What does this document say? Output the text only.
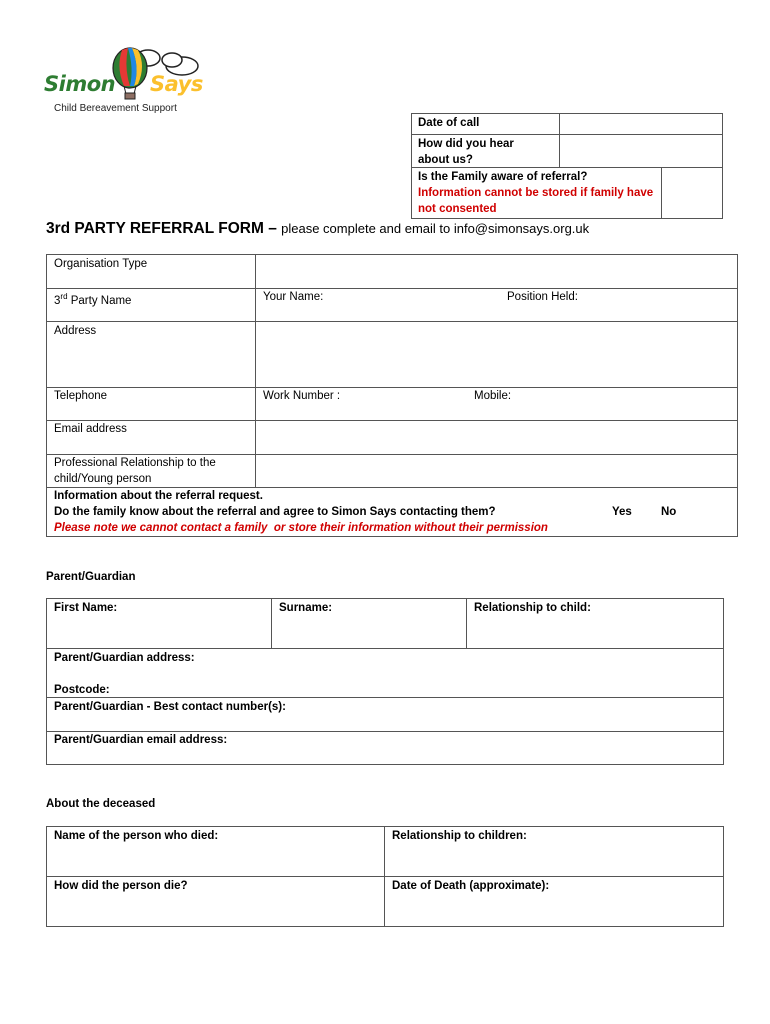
Simon Says
Child Bereavement Support
Date of call
How did you hear about us?
Is the Family aware of referral?
Information cannot be stored if family have not consented
3rd PARTY REFERRAL FORM – please complete and email to info@simonsays.org.uk
Organisation Type
3rd Party Name	Your Name:	Position Held:
Address
Telephone	Work Number :	Mobile:
Email address
Professional Relationship to the child/Young person
Information about the referral request.
Do the family know about the referral and agree to Simon Says contacting them?	Yes	No
Please note we cannot contact a family  or store their information without their permission
Parent/Guardian
First Name:	Surname:	Relationship to child:
Parent/Guardian address:
Postcode:
Parent/Guardian - Best contact number(s):
Parent/Guardian email address:
About the deceased
Name of the person who died:	Relationship to children:
How did the person die?	Date of Death (approximate):
